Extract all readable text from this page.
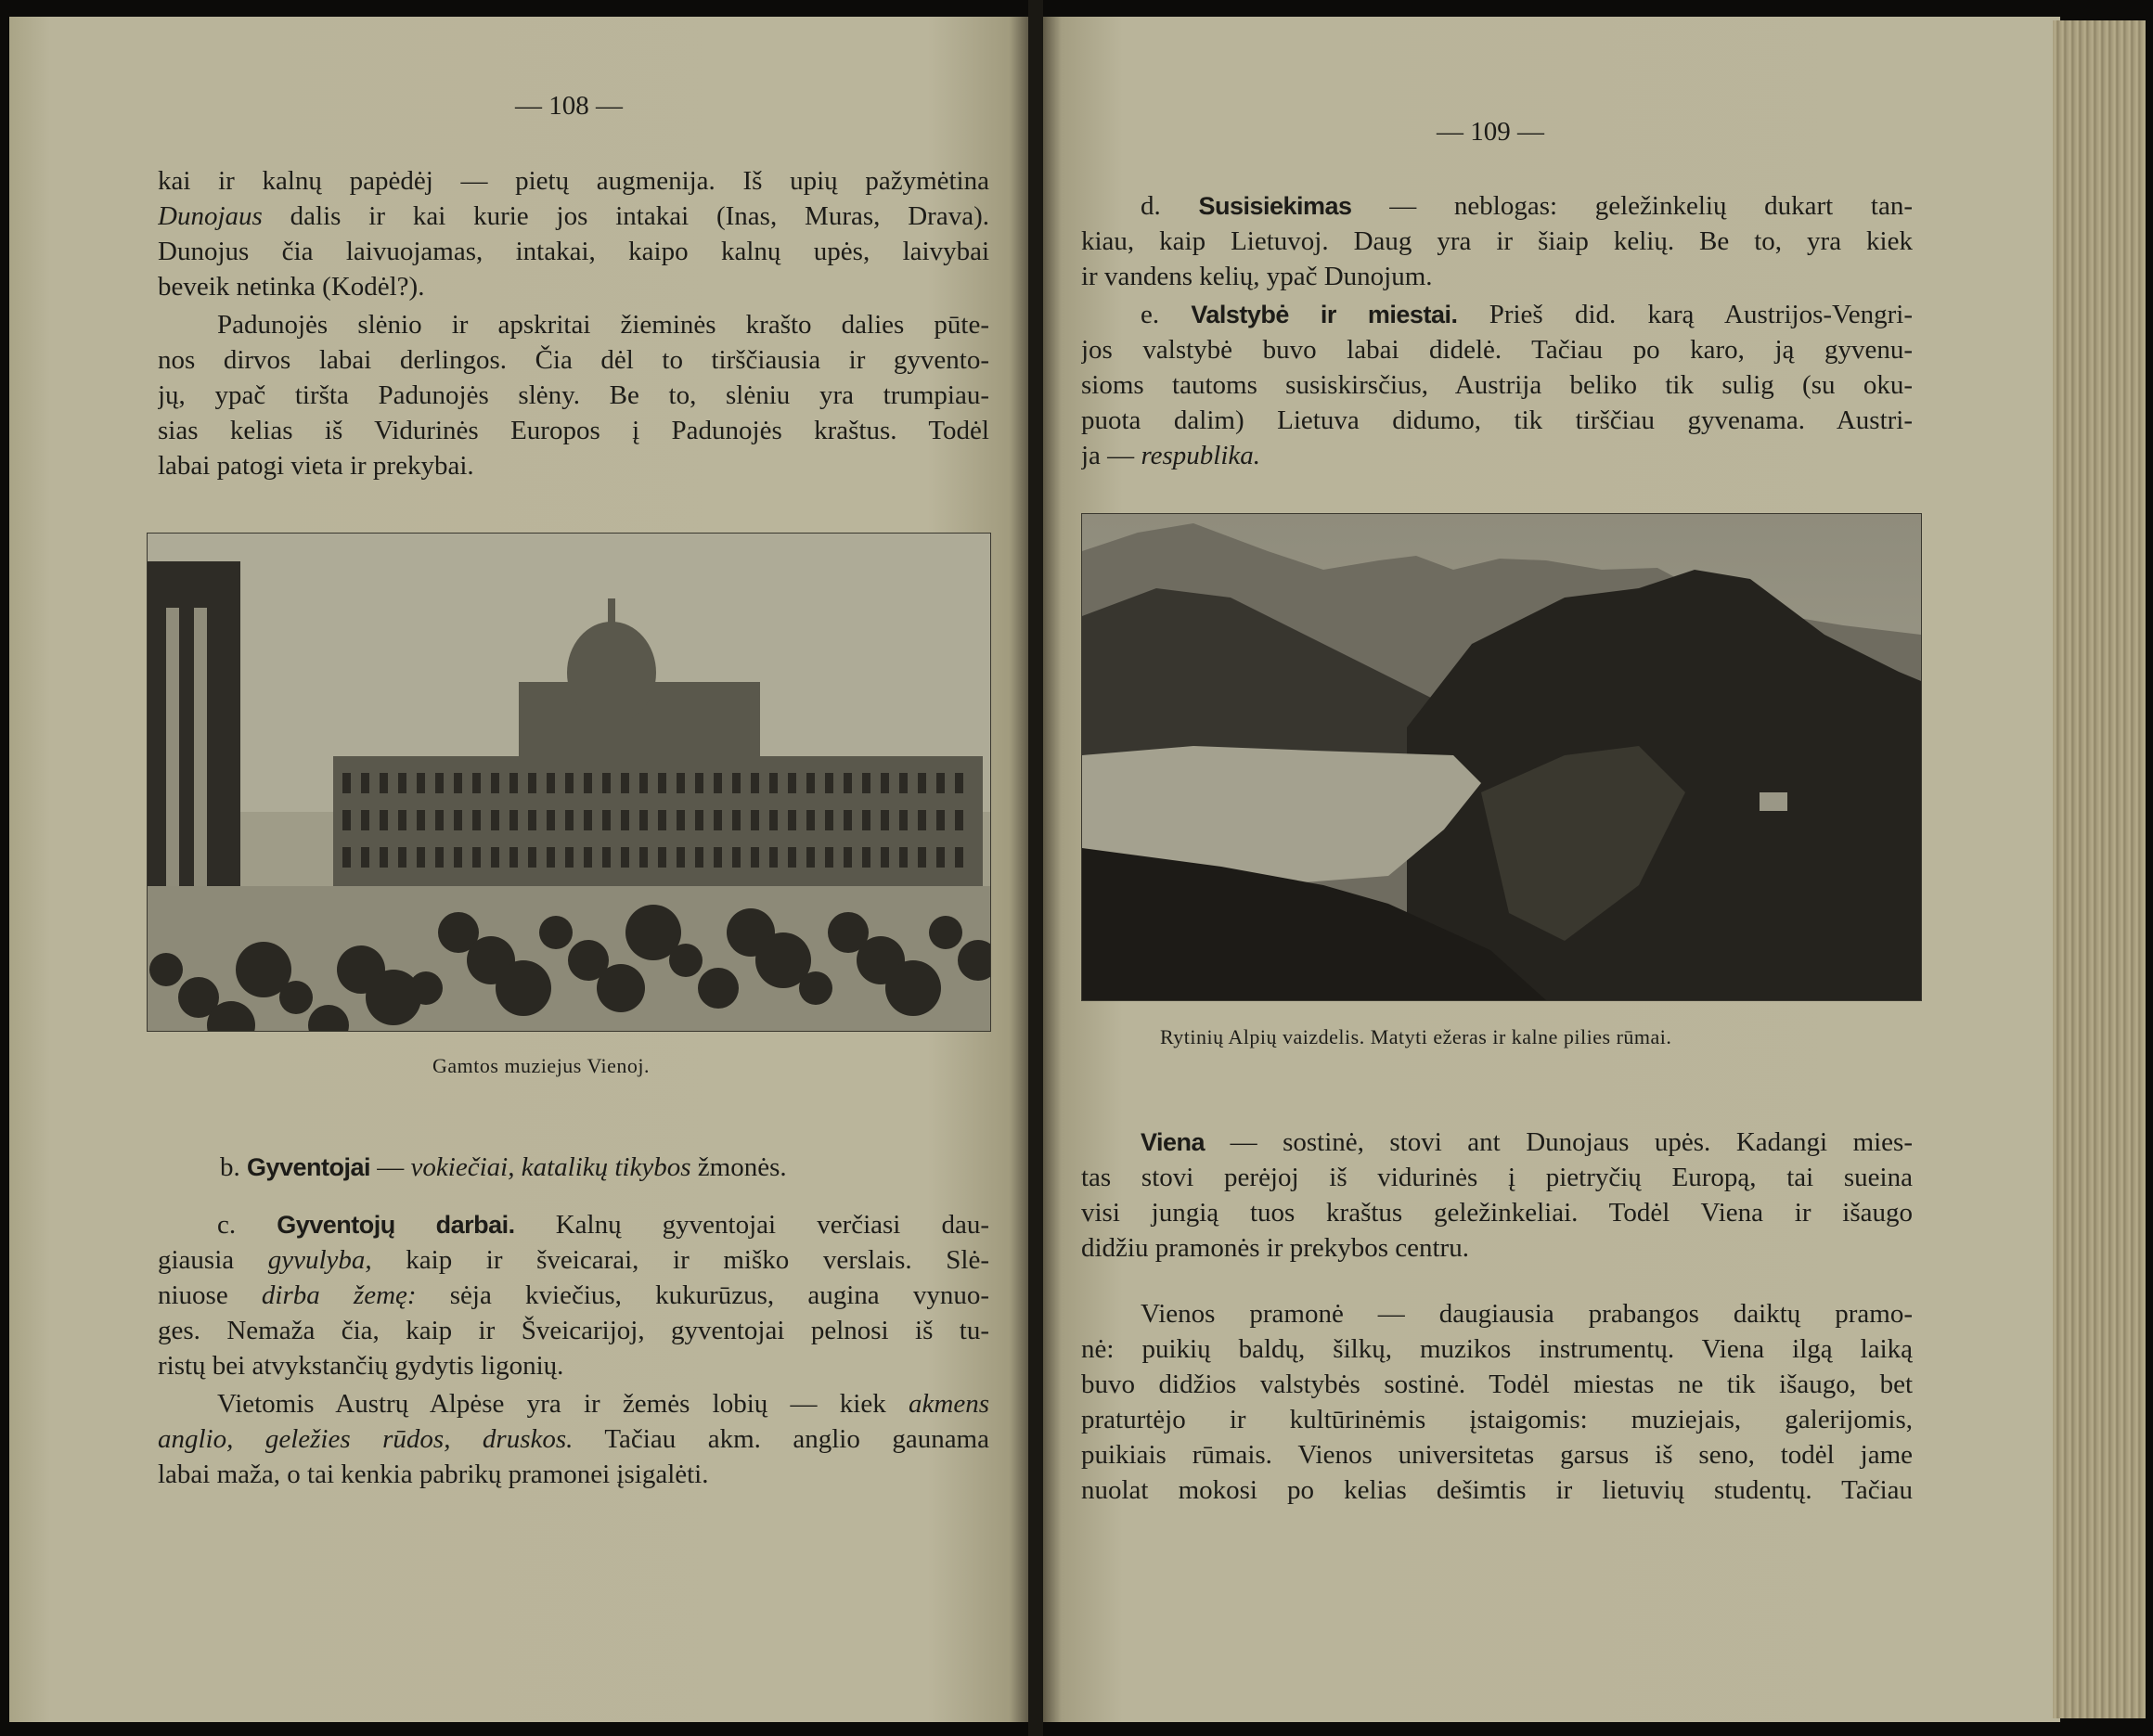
— 108 —
kai ir kalnų papėdėj — pietų augmenija. Iš upių pažymėtina
Dunojaus dalis ir kai kurie jos intakai (Inas, Muras, Drava).
Dunojus čia laivuojamas, intakai, kaipo kalnų upės, laivybai
beveik netinka (Kodėl?).
Padunojės slėnio ir apskritai žieminės krašto dalies pūte-
nos dirvos labai derlingos. Čia dėl to tirščiausia ir gyvento-
jų, ypač tiršta Padunojės slėny. Be to, slėniu yra trumpiau-
sias kelias iš Vidurinės Europos į Padunojės kraštus. Todėl
labai patogi vieta ir prekybai.
Gamtos muziejus Vienoj.
b. Gyventojai — vokiečiai, katalikų tikybos žmonės.
c. Gyventojų darbai. Kalnų gyventojai verčiasi dau-
giausia gyvulyba, kaip ir šveicarai, ir miško verslais. Slė-
niuose dirba žemę: sėja kviečius, kukurūzus, augina vynuo-
ges. Nemaža čia, kaip ir Šveicarijoj, gyventojai pelnosi iš tu-
ristų bei atvykstančių gydytis ligonių.
Vietomis Austrų Alpėse yra ir žemės lobių — kiek akmens
anglio, geležies rūdos, druskos. Tačiau akm. anglio gaunama
labai maža, o tai kenkia pabrikų pramonei įsigalėti.
— 109 —
d. Susisiekimas — neblogas: geležinkelių dukart tan-
kiau, kaip Lietuvoj. Daug yra ir šiaip kelių. Be to, yra kiek
ir vandens kelių, ypač Dunojum.
e. Valstybė ir miestai. Prieš did. karą Austrijos-Vengri-
jos valstybė buvo labai didelė. Tačiau po karo, ją gyvenu-
sioms tautoms susiskirsčius, Austrija beliko tik sulig (su oku-
puota dalim) Lietuva didumo, tik tirščiau gyvenama. Austri-
ja — respublika.
Rytinių Alpių vaizdelis. Matyti ežeras ir kalne pilies rūmai.
Viena — sostinė, stovi ant Dunojaus upės. Kadangi mies-
tas stovi perėjoj iš vidurinės į pietryčių Europą, tai sueina
visi jungią tuos kraštus geležinkeliai. Todėl Viena ir išaugo
didžiu pramonės ir prekybos centru.
Vienos pramonė — daugiausia prabangos daiktų pramo-
nė: puikių baldų, šilkų, muzikos instrumentų. Viena ilgą laiką
buvo didžios valstybės sostinė. Todėl miestas ne tik išaugo, bet
praturtėjo ir kultūrinėmis įstaigomis: muziejais, galerijomis,
puikiais rūmais. Vienos universitetas garsus iš seno, todėl jame
nuolat mokosi po kelias dešimtis ir lietuvių studentų. Tačiau
